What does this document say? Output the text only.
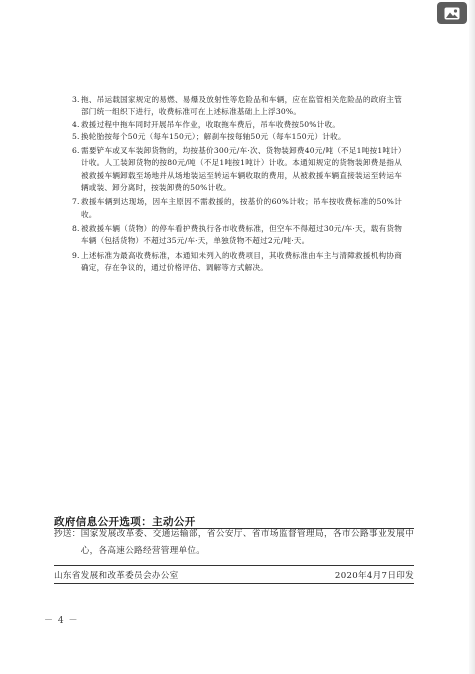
3. 拖、吊运载国家规定的易燃、易爆及放射性等危险品和车辆，应在监管相关危险品的政府主管部门统一组织下进行，收费标准可在上述标准基础上上浮30%。
4. 救援过程中拖车同时开展吊车作业，收取拖车费后，吊车收费按50%计收。
5. 换轮胎按每个50元（每车150元）；解刹车按每轴50元（每车150元）计收。
6. 需要铲车或叉车装卸货物的，均按基价300元/车·次、货物装卸费40元/吨（不足1吨按1吨计）计收。人工装卸货物的按80元/吨（不足1吨按1吨计）计收。本通知规定的货物装卸费是指从被救援车辆卸载至场地并从场地装运至转运车辆收取的费用，从被救援车辆直接装运至转运车辆或装、卸分离时，按装卸费的50%计收。
7. 救援车辆到达现场，因车主原因不需救援的，按基价的60%计收；吊车按收费标准的50%计收。
8. 被救援车辆（货物）的停车看护费执行各市收费标准，但空车不得超过30元/车·天，载有货物车辆（包括货物）不超过35元/车·天，单独货物不超过2元/吨·天。
9. 上述标准为最高收费标准，本通知未列入的收费项目，其收费标准由车主与清障救援机构协商确定，存在争议的，通过价格评估、调解等方式解决。
政府信息公开选项：主动公开
抄送： 国家发展改革委、交通运输部，省公安厅、省市场监督管理局，各市公路事业发展中心，各高速公路经营管理单位。
山东省发展和改革委员会办公室	2020年4月7日印发
－ 4 －
